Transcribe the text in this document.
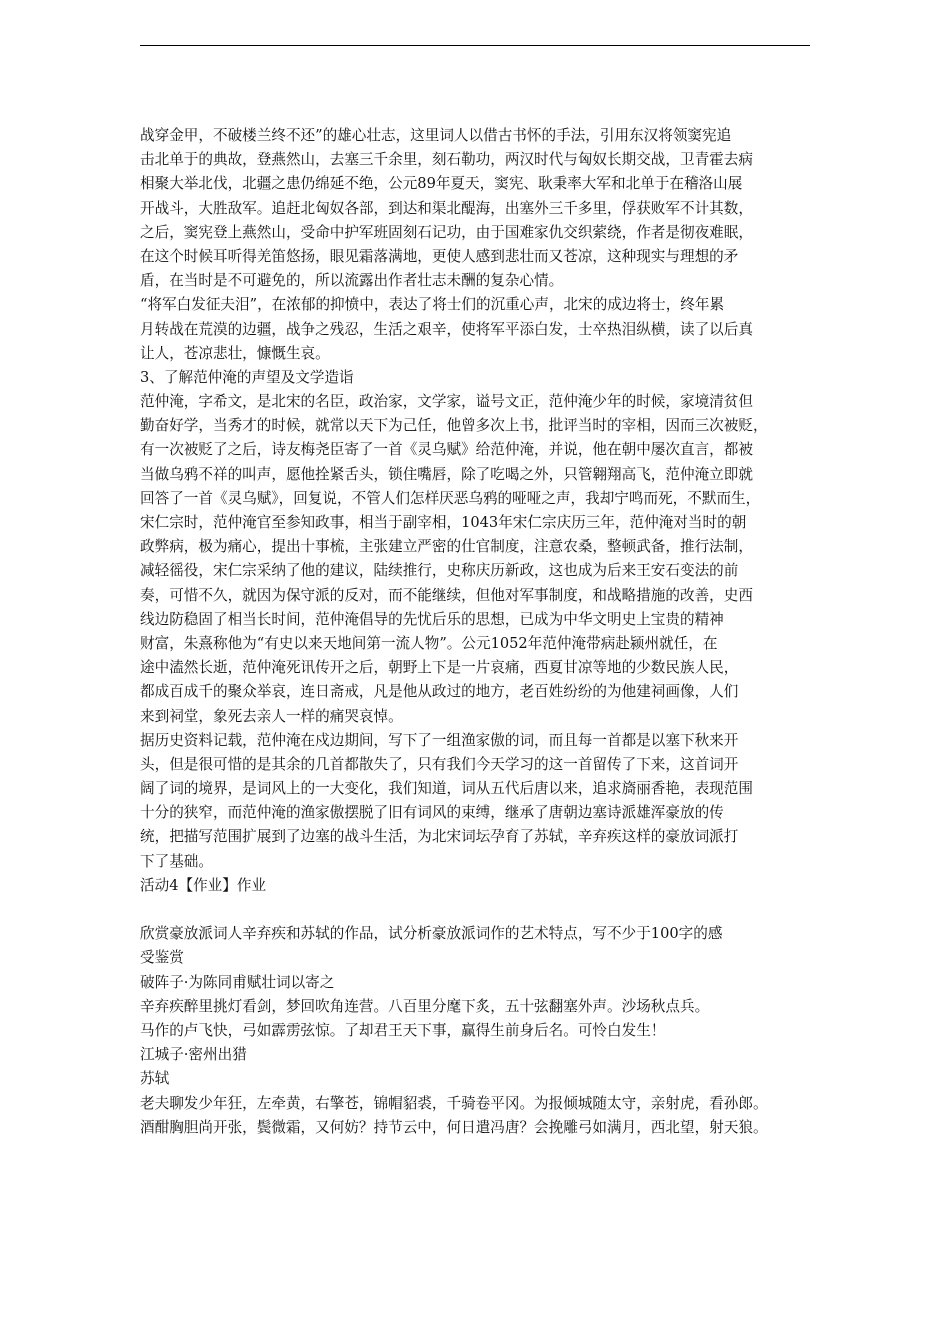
战穿金甲，不破楼兰终不还”的雄心壮志，这里词人以借古书怀的手法，引用东汉将领窦宪追
击北单于的典故，登燕然山，去塞三千余里，刻石勒功，两汉时代与匈奴长期交战，卫青霍去病
相聚大举北伐，北疆之患仍绵延不绝，公元89年夏天，窦宪、耿秉率大军和北单于在稽洛山展
开战斗，大胜敌军。追赶北匈奴各部，到达和渠北醍海，出塞外三千多里，俘获败军不计其数，
之后，窦宪登上燕然山，受命中护军班固刻石记功，由于国难家仇交织萦绕，作者是彻夜难眠，
在这个时候耳听得羌笛悠扬，眼见霜落满地，更使人感到悲壮而又苍凉，这种现实与理想的矛
盾，在当时是不可避免的，所以流露出作者壮志未酬的复杂心情。
“将军白发征夫泪”，在浓郁的抑愤中，表达了将士们的沉重心声，北宋的成边将士，终年累
月转战在荒漠的边疆，战争之残忍，生活之艰辛，使将军平添白发，士卒热泪纵横，读了以后真
让人，苍凉悲壮，慷慨生哀。
3、了解范仲淹的声望及文学造诣
范仲淹，字希文，是北宋的名臣，政治家，文学家，谥号文正，范仲淹少年的时候，家境清贫但
勤奋好学，当秀才的时候，就常以天下为己任，他曾多次上书，批评当时的宰相，因而三次被贬，
有一次被贬了之后，诗友梅尧臣寄了一首《灵乌赋》给范仲淹，并说，他在朝中屡次直言，都被
当做乌鸦不祥的叫声，愿他拴紧舌头，锁住嘴唇，除了吃喝之外，只管翱翔高飞，范仲淹立即就
回答了一首《灵乌赋》，回复说，不管人们怎样厌恶乌鸦的哑哑之声，我却宁鸣而死，不默而生，
宋仁宗时，范仲淹官至参知政事，相当于副宰相，1043年宋仁宗庆历三年，范仲淹对当时的朝
政弊病，极为痛心，提出十事梳，主张建立严密的仕官制度，注意农桑，整顿武备，推行法制，
减轻徭役，宋仁宗采纳了他的建议，陆续推行，史称庆历新政，这也成为后来王安石变法的前
奏，可惜不久，就因为保守派的反对，而不能继续，但他对军事制度，和战略措施的改善，史西
线边防稳固了相当长时间，范仲淹倡导的先忧后乐的思想，已成为中华文明史上宝贵的精神
财富，朱熹称他为“有史以来天地间第一流人物”。公元1052年范仲淹带病赴颍州就任，在
途中溘然长逝，范仲淹死讯传开之后，朝野上下是一片哀痛，西夏甘凉等地的少数民族人民，
都成百成千的聚众举哀，连日斋戒，凡是他从政过的地方，老百姓纷纷的为他建祠画像，人们
来到祠堂，象死去亲人一样的痛哭哀悼。
据历史资料记载，范仲淹在戍边期间，写下了一组渔家傲的词，而且每一首都是以塞下秋来开
头，但是很可惜的是其余的几首都散失了，只有我们今天学习的这一首留传了下来，这首词开
阔了词的境界，是词风上的一大变化，我们知道，词从五代后唐以来，追求旖丽香艳，表现范围
十分的狭窄，而范仲淹的渔家傲摆脱了旧有词风的束缚，继承了唐朝边塞诗派雄浑豪放的传
统，把描写范围扩展到了边塞的战斗生活，为北宋词坛孕育了苏轼，辛弃疾这样的豪放词派打
下了基础。
活动4【作业】作业
欣赏豪放派词人辛弃疾和苏轼的作品，试分析豪放派词作的艺术特点，写不少于100字的感
受鉴赏
破阵子·为陈同甫赋壮词以寄之
辛弃疾醉里挑灯看剑，梦回吹角连营。八百里分麾下炙，五十弦翻塞外声。沙场秋点兵。
马作的卢飞快，弓如霹雳弦惊。了却君王天下事，赢得生前身后名。可怜白发生！
江城子·密州出猎
苏轼
老夫聊发少年狂，左牵黄，右擎苍，锦帽貂裘，千骑卷平冈。为报倾城随太守，亲射虎，看孙郎。
酒酣胸胆尚开张，鬓微霜，又何妨？持节云中，何日遣冯唐？会挽雕弓如满月，西北望，射天狼。
